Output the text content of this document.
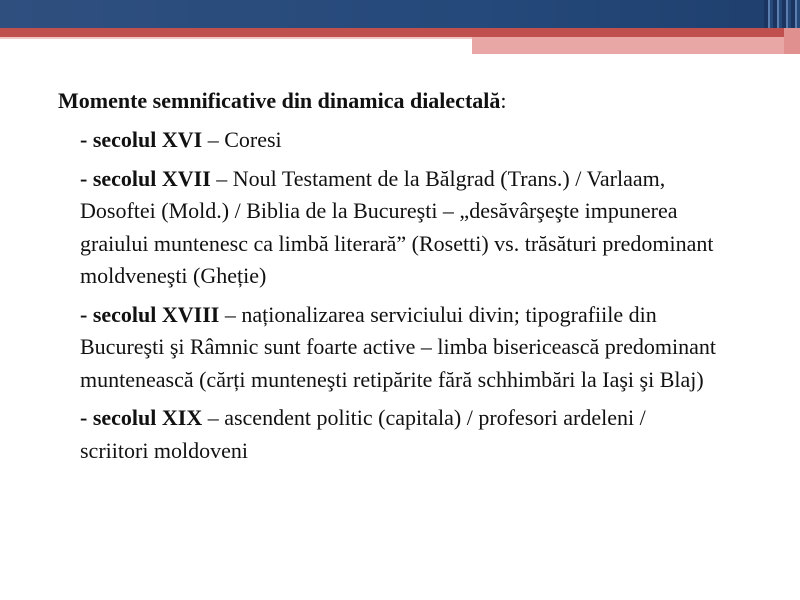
Momente semnificative din dinamica dialectală:
- secolul XVI – Coresi
- secolul XVII – Noul Testament de la Bălgrad (Trans.) / Varlaam, Dosoftei (Mold.) / Biblia de la Bucureşti – „desăvârşeşte impunerea graiului muntenesc ca limbă literară” (Rosetti) vs. trăsături predominant moldveneşti (Gheție)
- secolul XVIII – naționalizarea serviciului divin; tipografiile din Bucureşti şi Râmnic sunt foarte active – limba bisericească predominant muntenească (cărți munteneşti retipărite fără schhimbări la Iaşi şi Blaj)
- secolul XIX – ascendent politic (capitala) / profesori ardeleni / scriitori moldoveni
